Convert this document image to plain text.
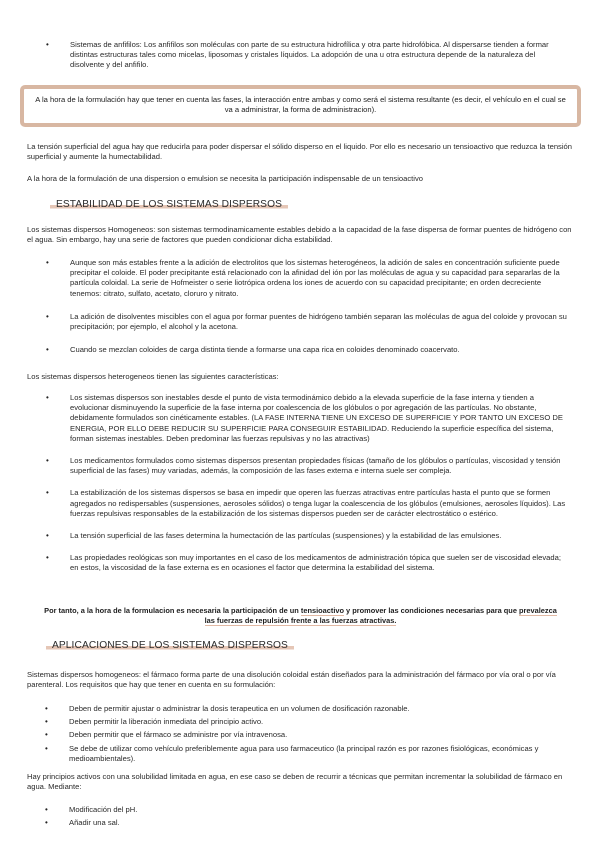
• Sistemas de anfifilos: Los anfifilos son moléculas con parte de su estructura hidrofílica y otra parte hidrofóbica. Al dispersarse tienden a formar distintas estructuras tales como micelas, liposomas y cristales líquidos. La adopción de una u otra estructura depende de la naturaleza del disolvente y del anfifilo.
A la hora de la formulación hay que tener en cuenta las fases, la interacción entre ambas y como será el sistema resultante (es decir, el vehículo en el cual se va a administrar, la forma de administracion).
La tensión superficial del agua hay que reducirla para poder dispersar el sólido disperso en el liquido. Por ello es necesario un tensioactivo que reduzca la tensión superficial y aumente la humectabilidad.
A la hora de la formulación de una dispersion o emulsion se necesita la participación indispensable de un tensioactivo
ESTABILIDAD DE LOS SISTEMAS DISPERSOS
Los sistemas dispersos Homogeneos: son sistemas termodinamicamente estables debido a la capacidad de la fase dispersa de formar puentes de hidrógeno con el agua. Sin embargo, hay una serie de factores que pueden condicionar dicha estabilidad.
• Aunque son más estables frente a la adición de electrolitos que los sistemas heterogéneos, la adición de sales en concentración suficiente puede precipitar el coloide. El poder precipitante está relacionado con la afinidad del ión por las moléculas de agua y su capacidad para separarlas de la partícula coloidal. La serie de Hofmeister o serie liotrópica ordena los iones de acuerdo con su capacidad precipitante; en orden decreciente tenemos: citrato, sulfato, acetato, cloruro y nitrato.
• La adición de disolventes miscibles con el agua por formar puentes de hidrógeno también separan las moléculas de agua del coloide y provocan su precipitación; por ejemplo, el alcohol y la acetona.
• Cuando se mezclan coloides de carga distinta tiende a formarse una capa rica en coloides denominado coacervato.
Los sistemas dispersos heterogeneos tienen las siguientes características:
• Los sistemas dispersos son inestables desde el punto de vista termodinámico debido a la elevada superficie de la fase interna y tienden a evolucionar disminuyendo la superficie de la fase interna por coalescencia de los glóbulos o por agregación de las partículas. No obstante, debidamente formulados son cinéticamente estables. (LA FASE INTERNA TIENE UN EXCESO DE SUPERFICIE Y POR TANTO UN EXCESO DE ENERGIA, POR ELLO DEBE REDUCIR SU SUPERFICIE PARA CONSEGUIR ESTABILIDAD. Reduciendo la superficie específica del sistema, forman sistemas inestables. Deben predominar las fuerzas repulsivas y no las atractivas)
• Los medicamentos formulados como sistemas dispersos presentan propiedades físicas (tamaño de los glóbulos o partículas, viscosidad y tensión superficial de las fases) muy variadas, además, la composición de las fases externa e interna suele ser compleja.
• La estabilización de los sistemas dispersos se basa en impedir que operen las fuerzas atractivas entre partículas hasta el punto que se formen agregados no redispersables (suspensiones, aerosoles sólidos) o tenga lugar la coalescencia de los glóbulos (emulsiones, aerosoles líquidos). Las fuerzas repulsivas responsables de la estabilización de los sistemas dispersos pueden ser de carácter electrostático o estérico.
• La tensión superficial de las fases determina la humectación de las partículas (suspensiones) y la estabilidad de las emulsiones.
• Las propiedades reológicas son muy importantes en el caso de los medicamentos de administración tópica que suelen ser de viscosidad elevada; en estos, la viscosidad de la fase externa es en ocasiones el factor que determina la estabilidad del sistema.
Por tanto, a la hora de la formulacion es necesaria la participación de un tensioactivo y promover las condiciones necesarias para que prevalezca
las fuerzas de repulsión frente a las fuerzas atractivas.
APLICACIONES DE LOS SISTEMAS DISPERSOS
Sistemas dispersos homogeneos: el fármaco forma parte de una disolución coloidal están diseñados para la administración del fármaco por vía oral o por vía parenteral. Los requisitos que hay que tener en cuenta en su formulación:
• Deben de permitir ajustar o administrar la dosis terapeutica en un volumen de dosificación razonable.
• Deben permitir la liberación inmediata del principio activo.
• Deben permitir que el fármaco se administre por vía intravenosa.
• Se debe de utilizar como vehículo preferiblemente agua para uso farmaceutico (la principal razón es por razones fisiológicas, económicas y medioambientales).
Hay principios activos con una solubilidad limitada en agua, en ese caso se deben de recurrir a técnicas que permitan incrementar la solubilidad de fármaco en agua. Mediante:
• Modificación del pH.
• Añadir una sal.
